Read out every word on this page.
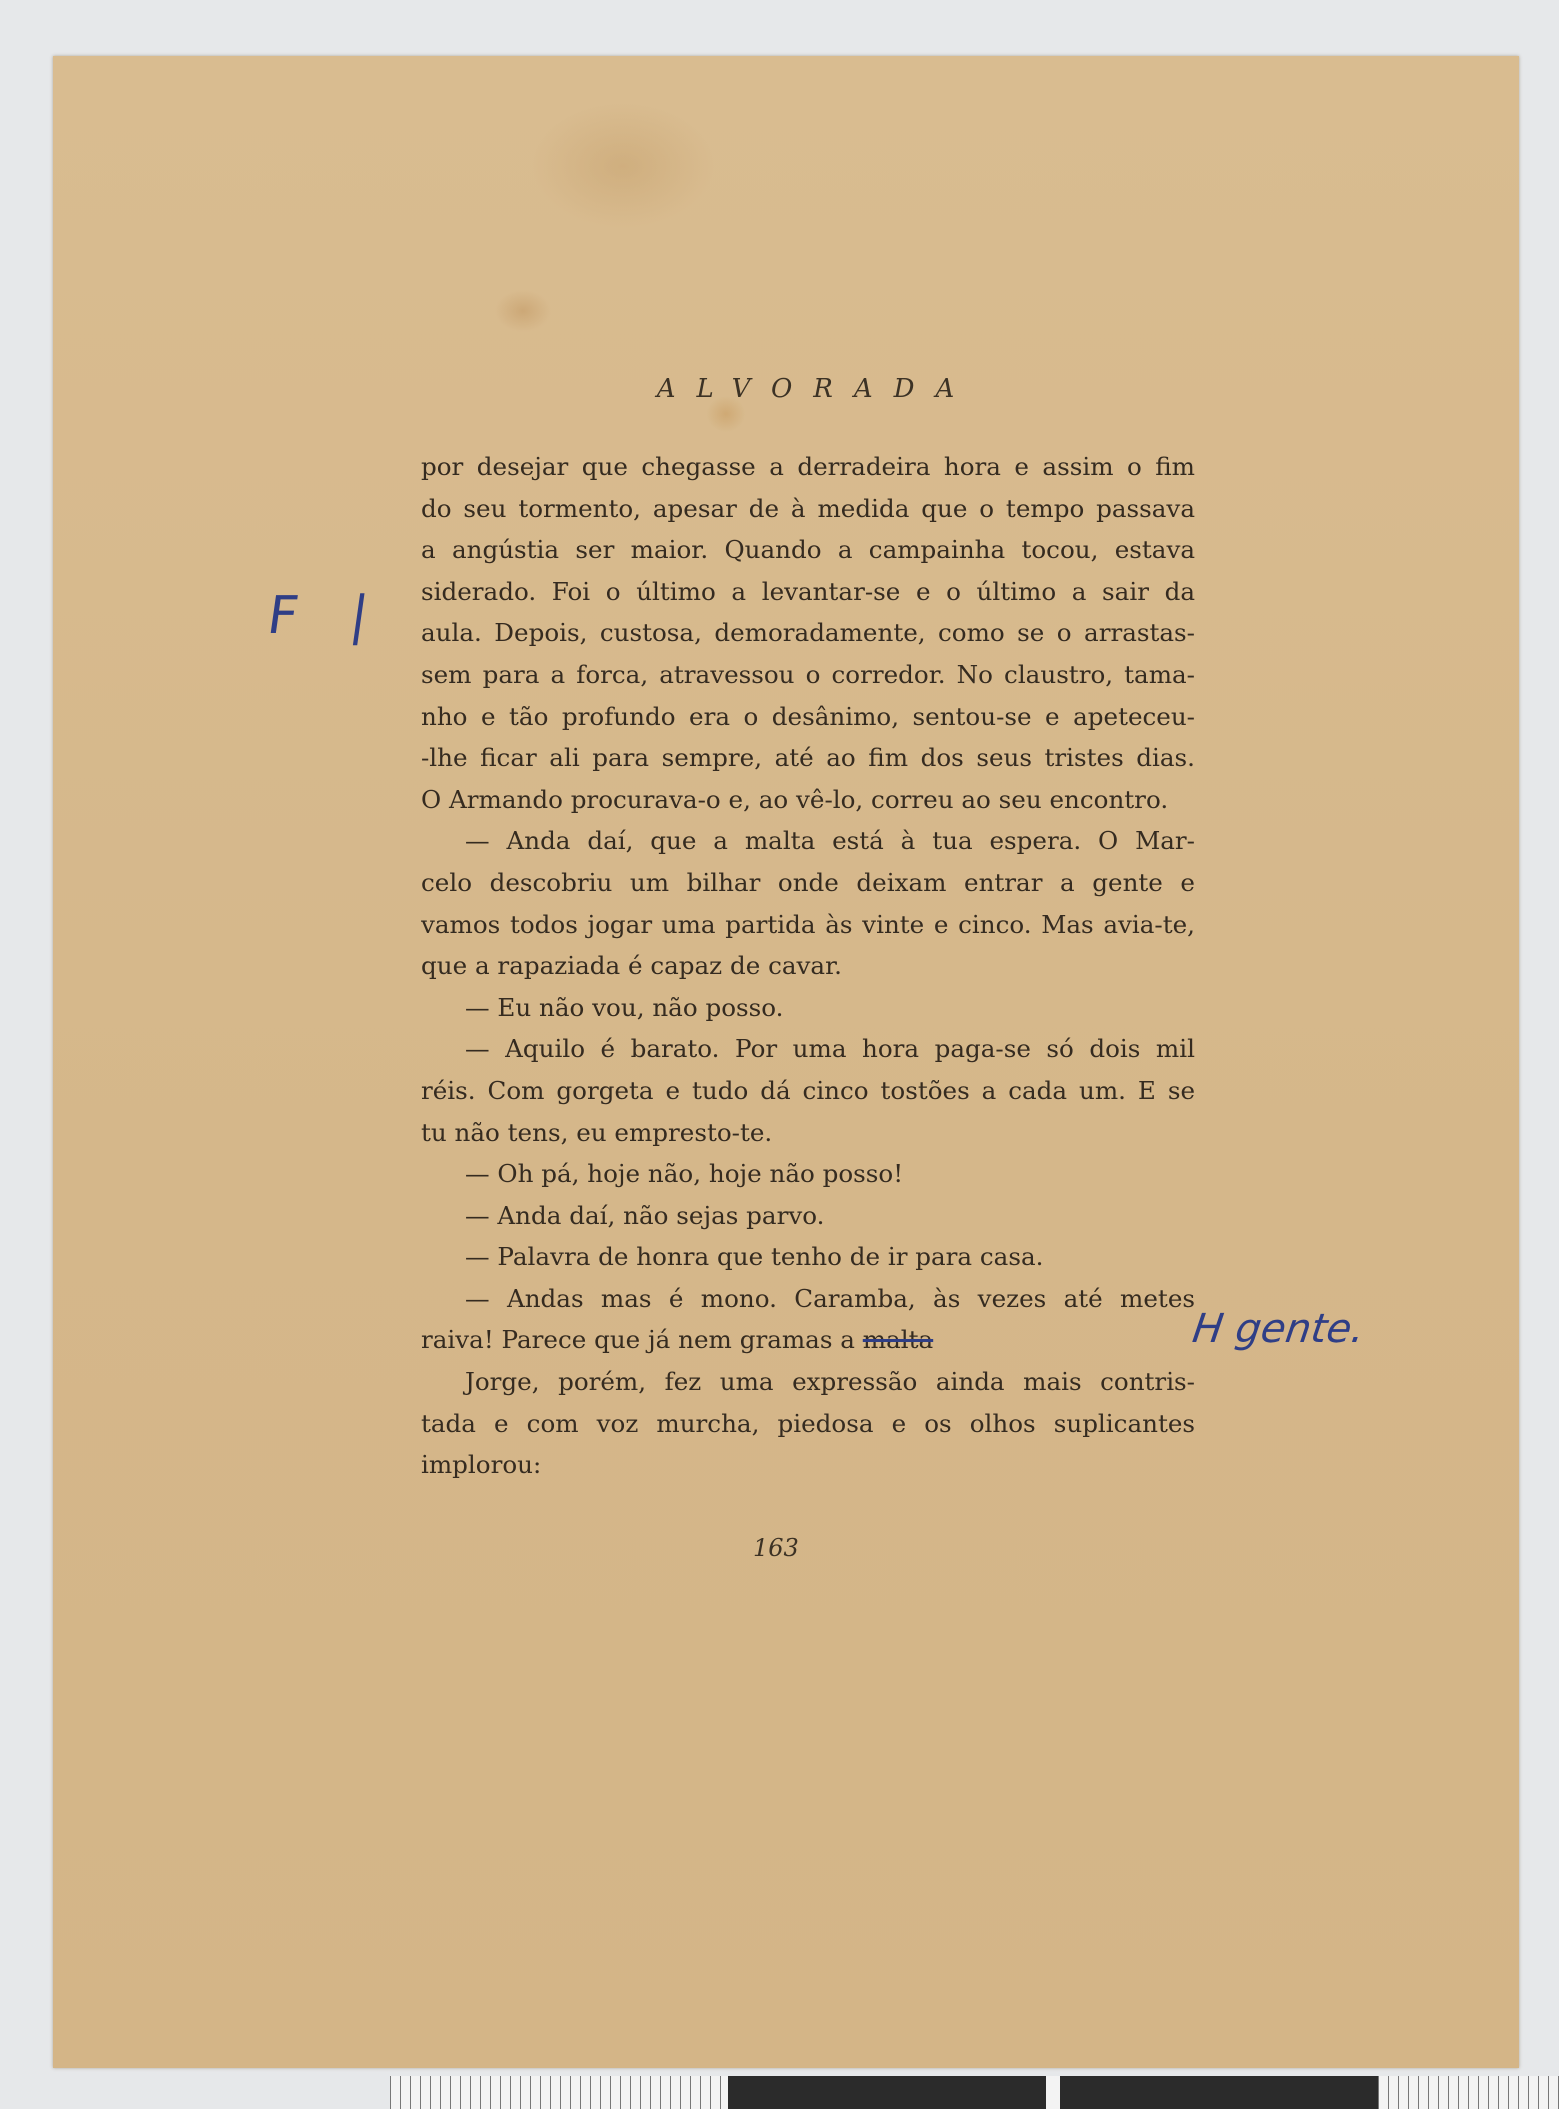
ALVORADA
por desejar que chegasse a derradeira hora e assim o fim
do seu tormento, apesar de à medida que o tempo passava
a angústia ser maior. Quando a campainha tocou, estava
siderado. Foi o último a levantar-se e o último a sair da
aula. Depois, custosa, demoradamente, como se o arrastas-
sem para a forca, atravessou o corredor. No claustro, tama-
nho e tão profundo era o desânimo, sentou-se e apeteceu-
-lhe ficar ali para sempre, até ao fim dos seus tristes dias.
O Armando procurava-o e, ao vê-lo, correu ao seu encontro.
— Anda daí, que a malta está à tua espera. O Mar-
celo descobriu um bilhar onde deixam entrar a gente e
vamos todos jogar uma partida às vinte e cinco. Mas avia-te,
que a rapaziada é capaz de cavar.
— Eu não vou, não posso.
— Aquilo é barato. Por uma hora paga-se só dois mil
réis. Com gorgeta e tudo dá cinco tostões a cada um. E se
tu não tens, eu empresto-te.
— Oh pá, hoje não, hoje não posso!
— Anda daí, não sejas parvo.
— Palavra de honra que tenho de ir para casa.
— Andas mas é mono. Caramba, às vezes até metes
raiva! Parece que já nem gramas a malta
Jorge, porém, fez uma expressão ainda mais contris-
tada e com voz murcha, piedosa e os olhos suplicantes
implorou:
163
F |
H gente.
